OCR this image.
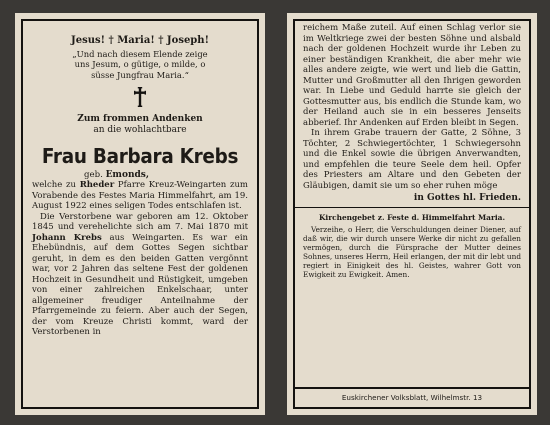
Jesus! † Maria! † Joseph!
„Und nach diesem Elende zeige
uns Jesum, o gütige, o milde, o
süsse Jungfrau Maria.“
Zum frommen Andenken
an die wohlachtbare
Frau Barbara Krebs
geb. Emonds,

welche zu Rheder Pfarre Kreuz-Weingarten zum Vorabende des Festes Maria Himmelfahrt, am 19. August 1922 eines seligen Todes entschlafen ist.

Die Verstorbene war geboren am 12. Oktober 1845 und verehelichte sich am 7. Mai 1870 mit Johann Krebs aus Weingarten. Es war ein Ehebündnis, auf dem Gottes Segen sichtbar geruht, in dem es den beiden Gatten vergönnt war, vor 2 Jahren das seltene Fest der goldenen Hochzeit in Gesundheit und Rüstigkeit, umgeben von einer zahlreichen Enkelschaar, unter allgemeiner freudiger Anteilnahme der Pfarrgemeinde zu feiern. Aber auch der Segen, der vom Kreuze Christi kommt, ward der Verstorbenen in

reichem Maße zuteil. Auf einen Schlag verlor sie im Weltkriege zwei der besten Söhne und alsbald nach der goldenen Hochzeit wurde ihr Leben zu einer beständigen Krankheit, die aber mehr wie alles andere zeigte, wie wert und lieb die Gattin, Mutter und Großmutter all den Ihrigen geworden war. In Liebe und Geduld harrte sie gleich der Gottesmutter aus, bis endlich die Stunde kam, wo der Heiland auch sie in ein besseres Jenseits abberief. Ihr Andenken auf Erden bleibt in Segen.

In ihrem Grabe trauern der Gatte, 2 Söhne, 3 Töchter, 2 Schwiegertöchter, 1 Schwiegersohn und die Enkel sowie die übrigen Anverwandten, und empfehlen die teure Seele dem heil. Opfer des Priesters am Altare und den Gebeten der Gläubigen, damit sie um so eher ruhen möge

in Gottes hl. Frieden.
Kirchengebet z. Feste d. Himmelfahrt Maria.

Verzeihe, o Herr, die Verschuldungen deiner Diener, auf daß wir, die wir durch unsere Werke dir nicht zu gefallen vermögen, durch die Fürsprache der Mutter deines Sohnes, unseres Herrn, Heil erlangen, der mit dir lebt und regiert in Einigkeit des hl. Geistes, wahrer Gott von Ewigkeit zu Ewigkeit. Amen.

Euskirchener Volksblatt, Wilhelmstr. 13
